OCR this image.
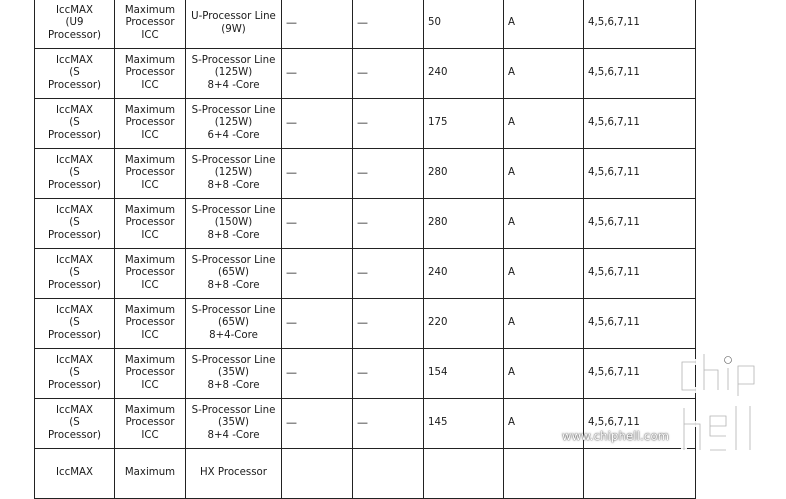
IccMAX
(U9
Processor)	Maximum
Processor
ICC	U-Processor Line
(9W)	—	—	50	A	4,5,6,7,11

IccMAX
(S
Processor)	Maximum
Processor
ICC	S-Processor Line
(125W)
8+4 -Core	—	—	240	A	4,5,6,7,11

IccMAX
(S
Processor)	Maximum
Processor
ICC	S-Processor Line
(125W)
6+4 -Core	—	—	175	A	4,5,6,7,11

IccMAX
(S
Processor)	Maximum
Processor
ICC	S-Processor Line
(125W)
8+8 -Core	—	—	280	A	4,5,6,7,11

IccMAX
(S
Processor)	Maximum
Processor
ICC	S-Processor Line
(150W)
8+8 -Core	—	—	280	A	4,5,6,7,11

IccMAX
(S
Processor)	Maximum
Processor
ICC	S-Processor Line
(65W)
8+8 -Core	—	—	240	A	4,5,6,7,11

IccMAX
(S
Processor)	Maximum
Processor
ICC	S-Processor Line
(65W)
8+4-Core	—	—	220	A	4,5,6,7,11

IccMAX
(S
Processor)	Maximum
Processor
ICC	S-Processor Line
(35W)
8+8 -Core	—	—	154	A	4,5,6,7,11

IccMAX
(S
Processor)	Maximum
Processor
ICC	S-Processor Line
(35W)
8+4 -Core	—	—	145	A	4,5,6,7,11

IccMAX	Maximum	HX Processor					

www.chiphell.com
